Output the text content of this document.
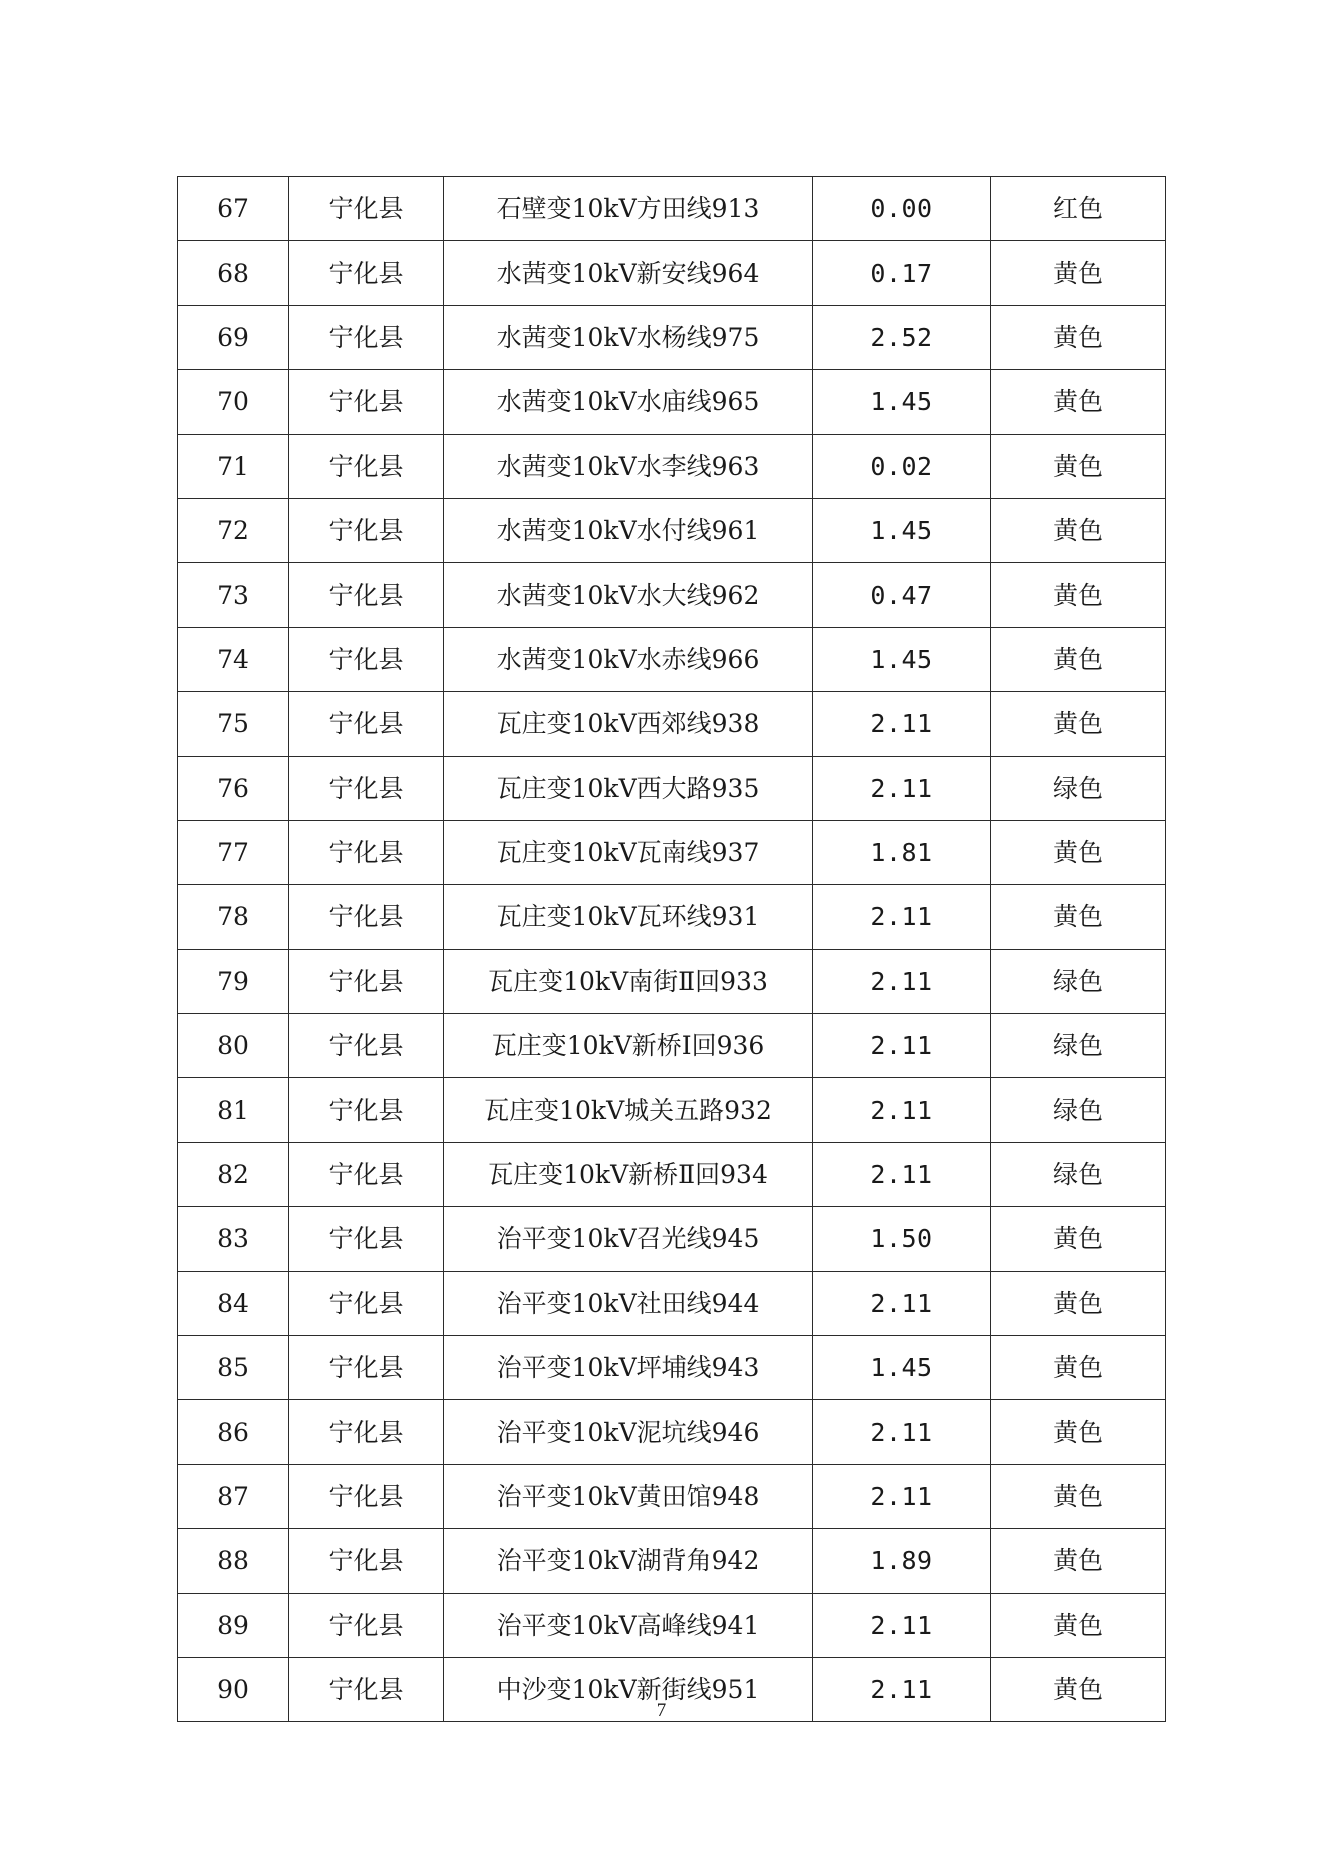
67	宁化县	石壁变10kV方田线913	0.00	红色
68	宁化县	水茜变10kV新安线964	0.17	黄色
69	宁化县	水茜变10kV水杨线975	2.52	黄色
70	宁化县	水茜变10kV水庙线965	1.45	黄色
71	宁化县	水茜变10kV水李线963	0.02	黄色
72	宁化县	水茜变10kV水付线961	1.45	黄色
73	宁化县	水茜变10kV水大线962	0.47	黄色
74	宁化县	水茜变10kV水赤线966	1.45	黄色
75	宁化县	瓦庄变10kV西郊线938	2.11	黄色
76	宁化县	瓦庄变10kV西大路935	2.11	绿色
77	宁化县	瓦庄变10kV瓦南线937	1.81	黄色
78	宁化县	瓦庄变10kV瓦环线931	2.11	黄色
79	宁化县	瓦庄变10kV南街Ⅱ回933	2.11	绿色
80	宁化县	瓦庄变10kV新桥Ⅰ回936	2.11	绿色
81	宁化县	瓦庄变10kV城关五路932	2.11	绿色
82	宁化县	瓦庄变10kV新桥Ⅱ回934	2.11	绿色
83	宁化县	治平变10kV召光线945	1.50	黄色
84	宁化县	治平变10kV社田线944	2.11	黄色
85	宁化县	治平变10kV坪埔线943	1.45	黄色
86	宁化县	治平变10kV泥坑线946	2.11	黄色
87	宁化县	治平变10kV黄田馆948	2.11	黄色
88	宁化县	治平变10kV湖背角942	1.89	黄色
89	宁化县	治平变10kV高峰线941	2.11	黄色
90	宁化县	中沙变10kV新街线951	2.11	黄色
7
